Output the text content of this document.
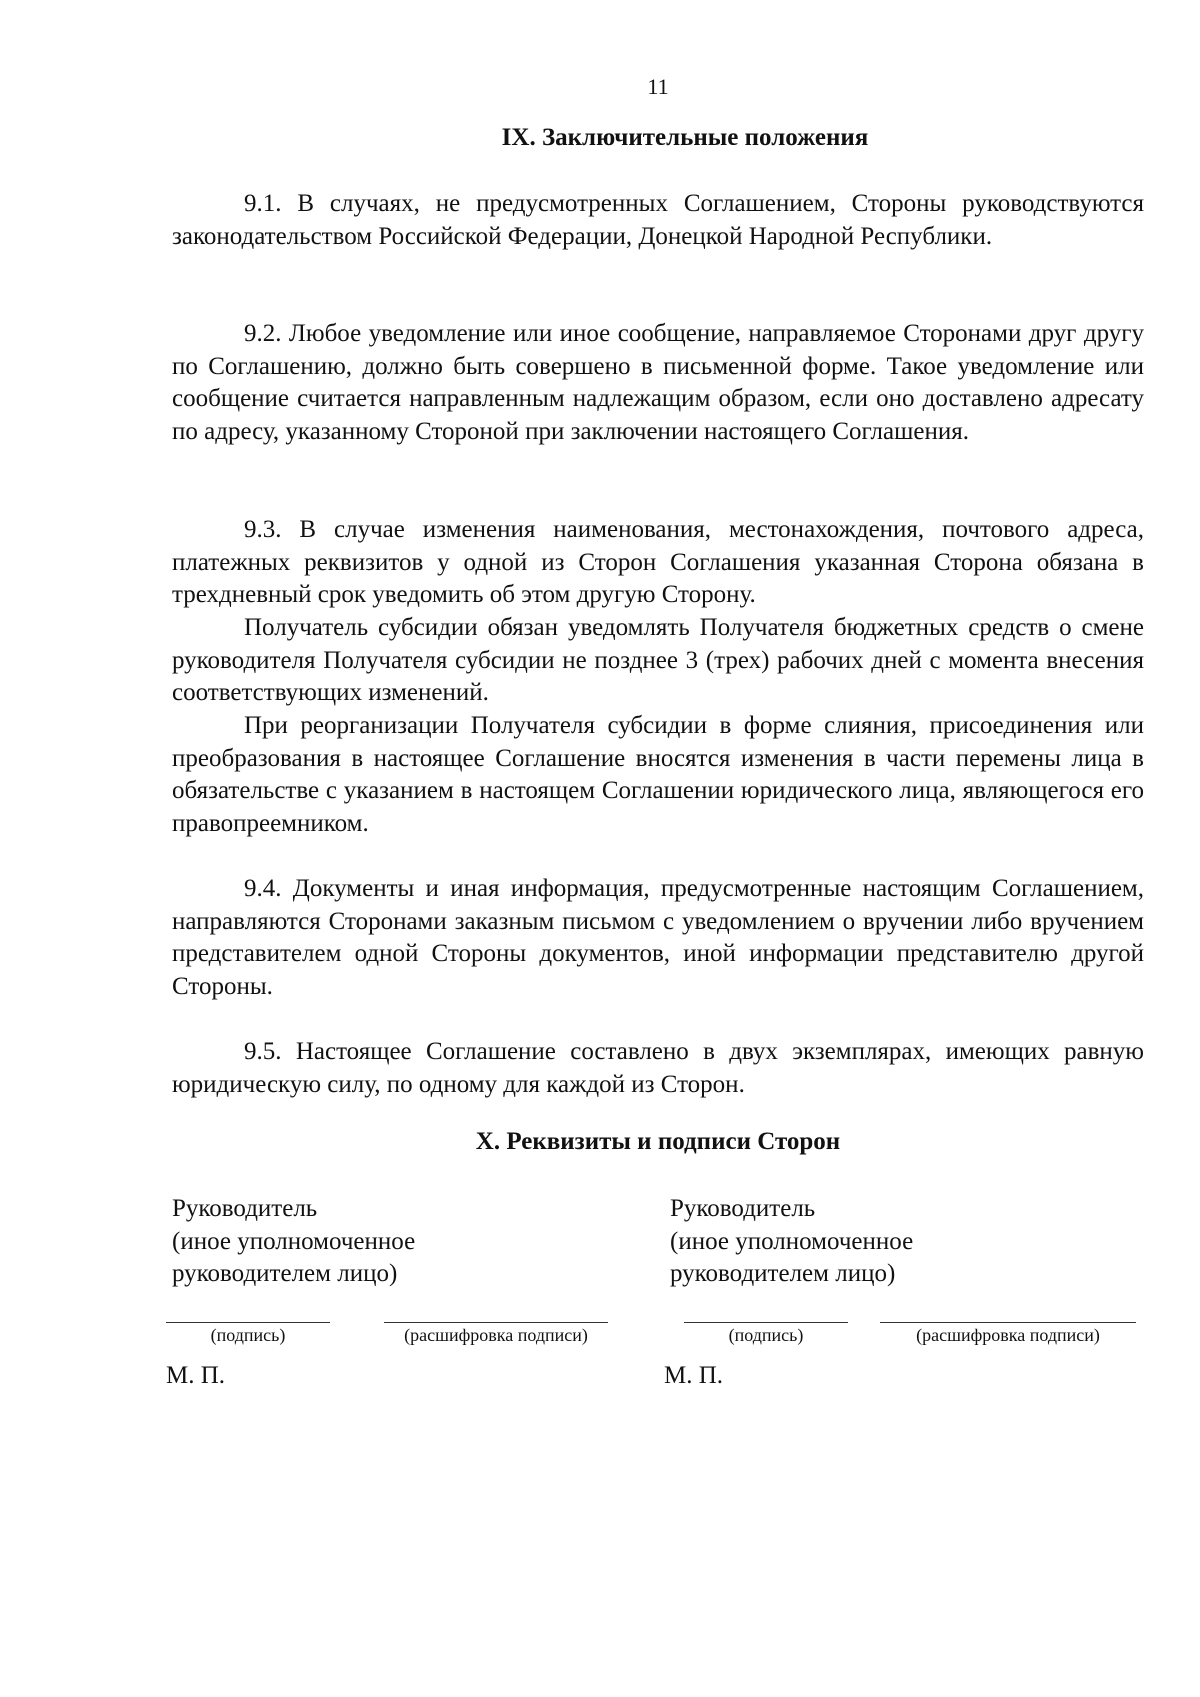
11
IX. Заключительные положения

9.1. В случаях, не предусмотренных Соглашением, Стороны руководствуются законодательством Российской Федерации, Донецкой Народной Республики.

9.2. Любое уведомление или иное сообщение, направляемое Сторонами друг другу по Соглашению, должно быть совершено в письменной форме. Такое уведомление или сообщение считается направленным надлежащим образом, если оно доставлено адресату по адресу, указанному Стороной при заключении настоящего Соглашения.

9.3. В случае изменения наименования, местонахождения, почтового адреса, платежных реквизитов у одной из Сторон Соглашения указанная Сторона обязана в трехдневный срок уведомить об этом другую Сторону.

Получатель субсидии обязан уведомлять Получателя бюджетных средств о смене руководителя Получателя субсидии не позднее 3 (трех) рабочих дней с момента внесения соответствующих изменений.

При реорганизации Получателя субсидии в форме слияния, присоединения или преобразования в настоящее Соглашение вносятся изменения в части перемены лица в обязательстве с указанием в настоящем Соглашении юридического лица, являющегося его правопреемником.

9.4. Документы и иная информация, предусмотренные настоящим Соглашением, направляются Сторонами заказным письмом с уведомлением о вручении либо вручением представителем одной Стороны документов, иной информации представителю другой Стороны.

9.5. Настоящее Соглашение составлено в двух экземплярах, имеющих равную юридическую силу, по одному для каждой из Сторон.

X. Реквизиты и подписи Сторон
Руководитель
(иное уполномоченное
руководителем лицо)
Руководитель
(иное уполномоченное
руководителем лицо)
(подпись)	(расшифровка подписи)	(подпись)	(расшифровка подписи)
М. П.	М. П.
